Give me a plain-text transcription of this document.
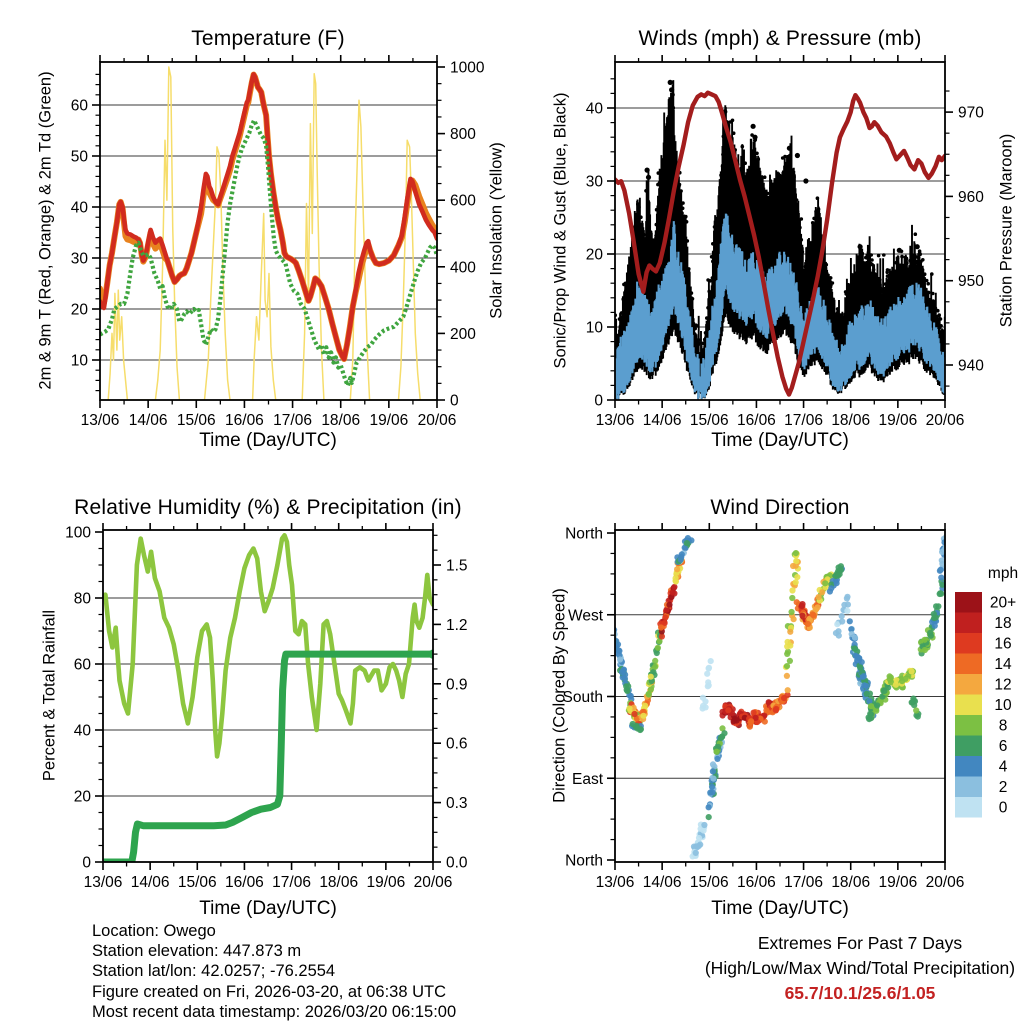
13/06 14/06 15/06 16/06 17/06 18/06 19/06 20/06
10
20
30
40
50
60
0
200
400
600
800
1000
13/06 14/06 15/06 16/06 17/06 18/06 19/06 20/06
0
10
20
30
40
940
950
960
970
13/06 14/06 15/06 16/06 17/06 18/06 19/06 20/06
0
20
40
60
80
100
0.0
0.3
0.6
0.9
1.2
1.5
13/06 14/06 15/06 16/06 17/06 18/06 19/06 20/06
North
West
South
East
North
20+
18
16
14
12
10
8
6
4
2
0
Temperature (F)	Winds (mph) & Pressure (mb)
Relative Humidity (%) & Precipitation (in)	Wind Direction
Time (Day/UTC)	Time (Day/UTC)
Time (Day/UTC)	Time (Day/UTC)
2m & 9m T (Red, Orange) & 2m Td (Green)	Solar Insolation (Yellow)	Sonic/Prop Wind & Gust (Blue, Black)	Station Pressure (Maroon)
Percent & Total Rainfall	Direction (Colored By Speed)
mph
Location: Owego
Station elevation: 447.873 m
Station lat/lon: 42.0257; -76.2554
Figure created on Fri, 2026-03-20, at 06:38 UTC
Most recent data timestamp: 2026/03/20 06:15:00
Extremes For Past 7 Days
(High/Low/Max Wind/Total Precipitation)
65.7/10.1/25.6/1.05
